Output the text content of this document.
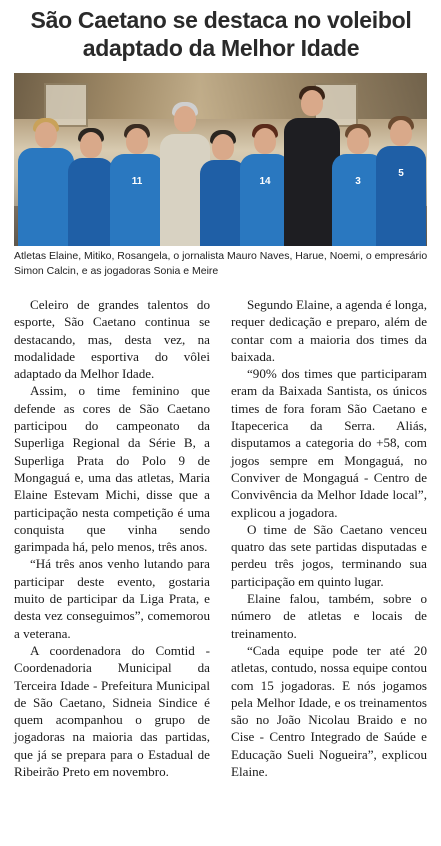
São Caetano se destaca no voleibol adaptado da Melhor Idade
11	14	3
5
Atletas Elaine, Mitiko, Rosangela, o jornalista Mauro Naves, Harue, Noemi, o empresário Simon Calcin, e as jogadoras Sonia e Meire

Celeiro de grandes talentos do esporte, São Caetano continua se destacando, mas, desta vez, na modalidade esportiva do vôlei adaptado da Melhor Idade.

Assim, o time feminino que defende as cores de São Caetano participou do campeonato da Superliga Regional da Série B, a Superliga Prata do Polo 9 de Mongaguá e, uma das atletas, Maria Elaine Estevam Michi, disse que a participação nesta competição é uma conquista que vinha sendo garimpada há, pelo menos, três anos.

“Há três anos venho lutando para participar deste evento, gostaria muito de participar da Liga Prata, e desta vez conseguimos”, comemorou a veterana.

A coordenadora do Comtid - Coordenadoria Municipal da Terceira Idade - Prefeitura Municipal de São Caetano, Sidneia Sindice é quem acompanhou o grupo de jogadoras na maioria das partidas, que já se prepara para o Estadual de Ribeirão Preto em novembro.

Segundo Elaine, a agenda é longa, requer dedicação e preparo, além de contar com a maioria dos times da baixada.

“90% dos times que participaram eram da Baixada Santista, os únicos times de fora foram São Caetano e Itapecerica da Serra. Aliás, disputamos a categoria do +58, com jogos sempre em Mongaguá, no Conviver de Mongaguá - Centro de Convivência da Melhor Idade local”, explicou a jogadora.

O time de São Caetano venceu quatro das sete partidas disputadas e perdeu três jogos, terminando sua participação em quinto lugar.

Elaine falou, também, sobre o número de atletas e locais de treinamento.

“Cada equipe pode ter até 20 atletas, contudo, nossa equipe contou com 15 jogadoras. E nós jogamos pela Melhor Idade, e os treinamentos são no João Nicolau Braido e no Cise - Centro Integrado de Saúde e Educação Sueli Nogueira”, explicou Elaine.
